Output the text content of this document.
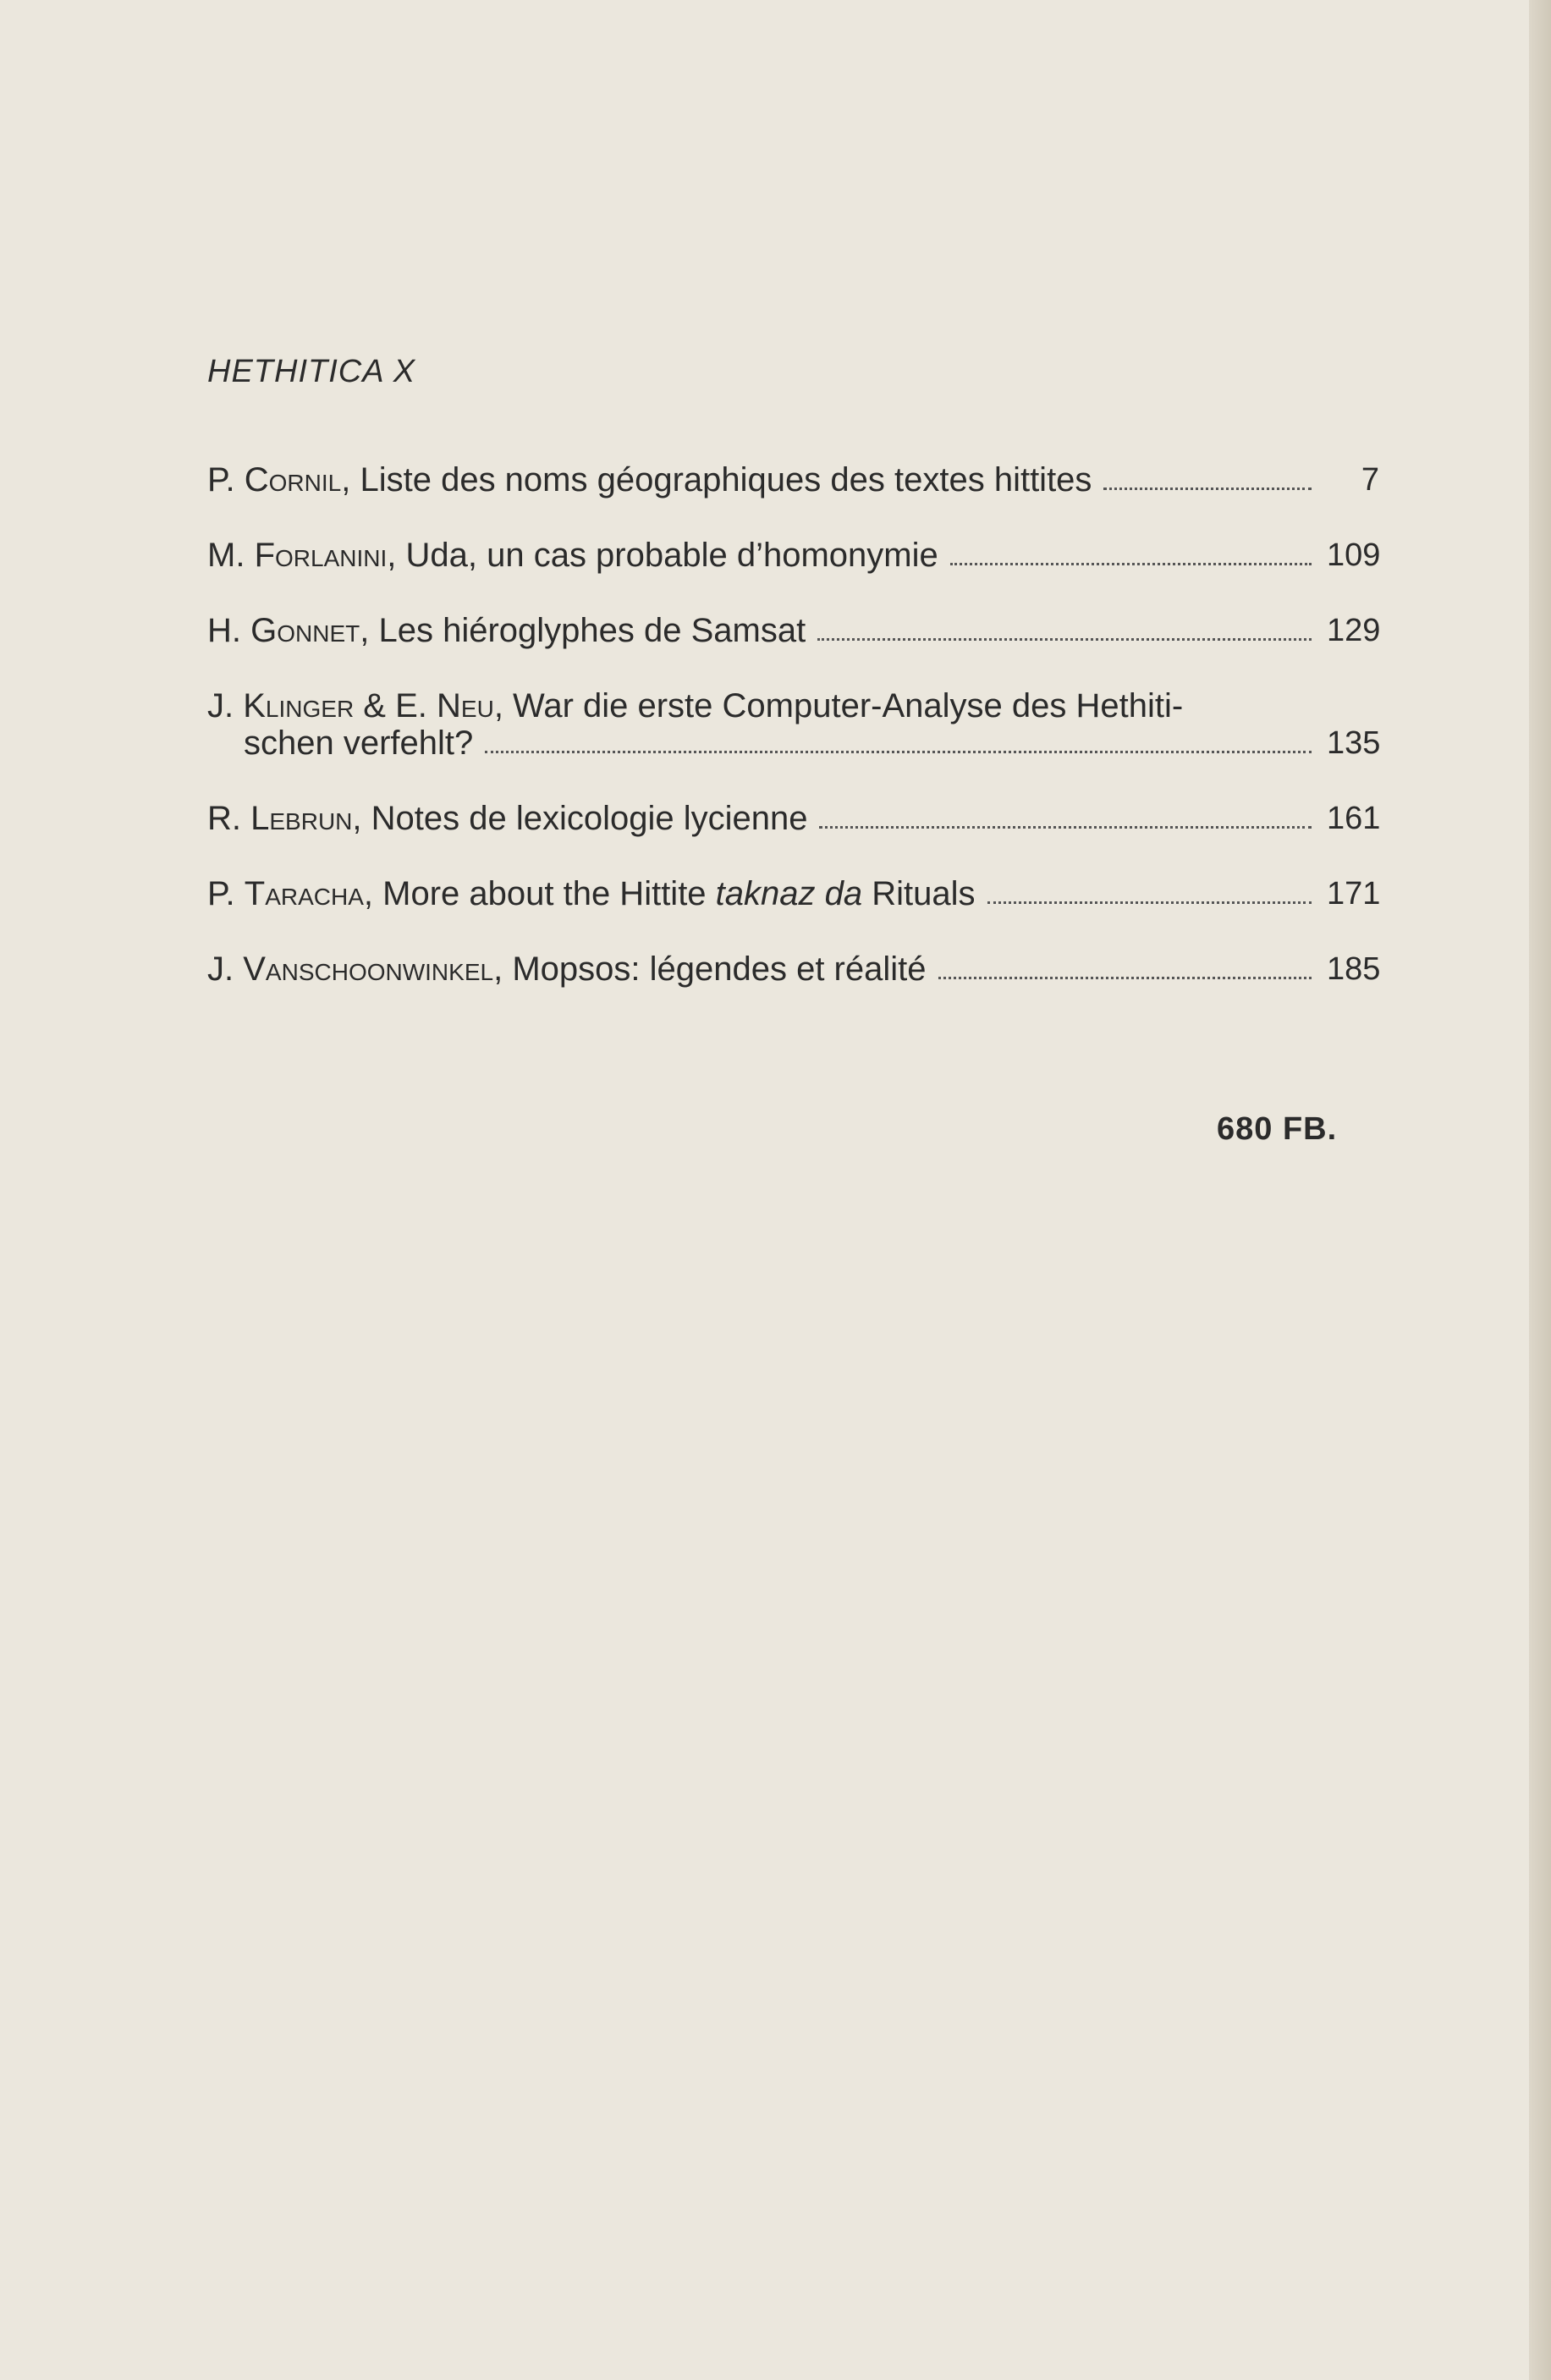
HETHITICA X
P. Cornil, Liste des noms géographiques des textes hittites	7
M. Forlanini, Uda, un cas probable d’homonymie	109
H. Gonnet, Les hiéroglyphes de Samsat	129
J. Klinger & E. Neu, War die erste Computer-Analyse des Hethiti-
schen verfehlt?	135
R. Lebrun, Notes de lexicologie lycienne	161
P. Taracha, More about the Hittite taknaz da Rituals	171
J. Vanschoonwinkel, Mopsos: légendes et réalité	185

680 FB.
